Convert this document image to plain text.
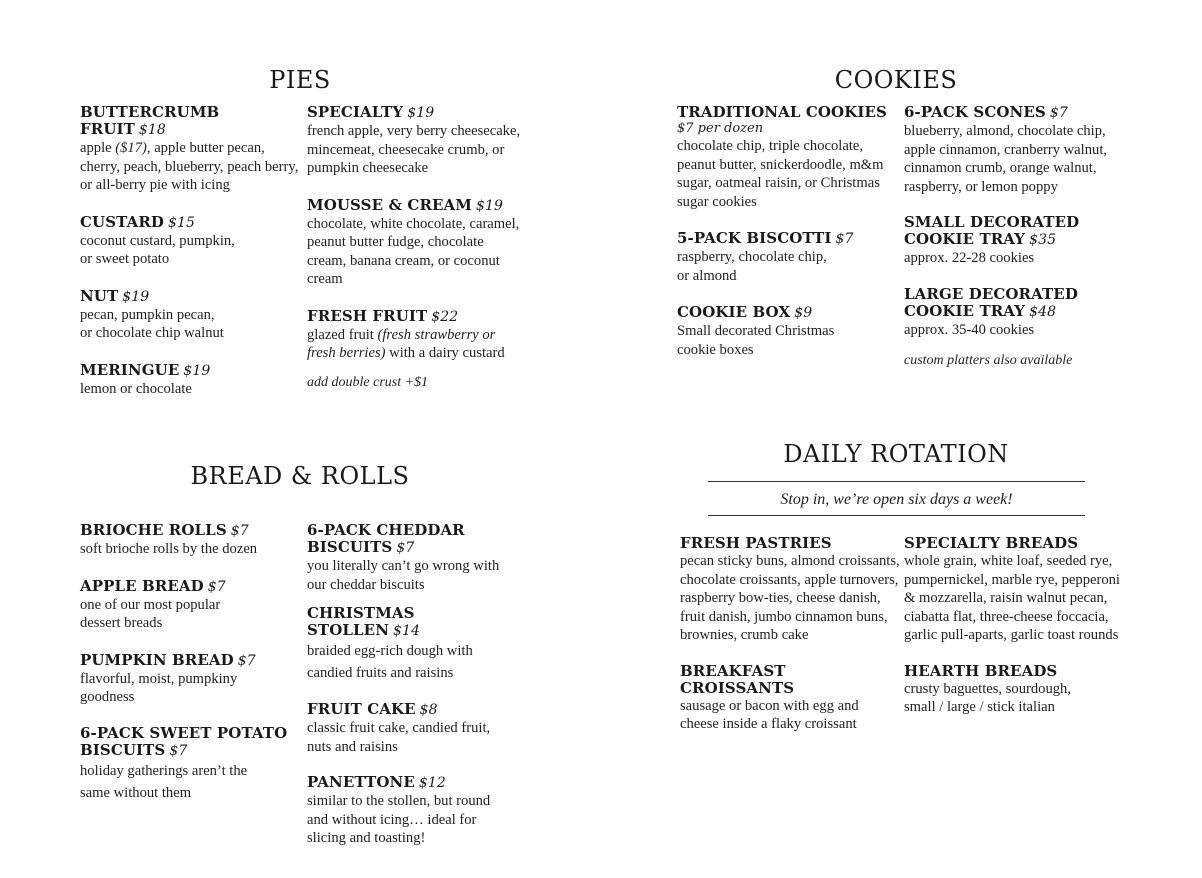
PIES
BUTTERCRUMB FRUIT $18
apple ($17), apple butter pecan, cherry, peach, blueberry, peach berry, or all-berry pie with icing
CUSTARD $15
coconut custard, pumpkin,
or sweet potato
NUT $19
pecan, pumpkin pecan,
or chocolate chip walnut
MERINGUE $19
lemon or chocolate
SPECIALTY $19
french apple, very berry cheesecake, mincemeat, cheesecake crumb, or pumpkin cheesecake
MOUSSE & CREAM $19
chocolate, white chocolate, caramel, peanut butter fudge, chocolate cream, banana cream, or coconut cream
FRESH FRUIT $22
glazed fruit (fresh strawberry or fresh berries) with a dairy custard
add double crust +$1
COOKIES
TRADITIONAL COOKIES
$7 per dozen
chocolate chip, triple chocolate, peanut butter, snickerdoodle, m&m sugar, oatmeal raisin, or Christmas sugar cookies
5-PACK BISCOTTI $7
raspberry, chocolate chip,
or almond
COOKIE BOX $9
Small decorated Christmas
cookie boxes
6-PACK SCONES $7
blueberry, almond, chocolate chip, apple cinnamon, cranberry walnut, cinnamon crumb, orange walnut, raspberry, or lemon poppy
SMALL DECORATED
COOKIE TRAY $35
approx. 22-28 cookies
LARGE DECORATED
COOKIE TRAY $48
approx. 35-40 cookies
custom platters also available
BREAD & ROLLS
BRIOCHE ROLLS $7
soft brioche rolls by the dozen
APPLE BREAD $7
one of our most popular
dessert breads
PUMPKIN BREAD $7
flavorful, moist, pumpkiny
goodness
6-PACK SWEET POTATO
BISCUITS $7
holiday gatherings aren’t the
same without them
6-PACK CHEDDAR
BISCUITS $7
you literally can’t go wrong with
our cheddar biscuits
CHRISTMAS STOLLEN $14
braided egg-rich dough with
candied fruits and raisins
FRUIT CAKE $8
classic fruit cake, candied fruit,
nuts and raisins
PANETTONE $12
similar to the stollen, but round
and without icing… ideal for
slicing and toasting!
DAILY ROTATION
Stop in, we’re open six days a week!
FRESH PASTRIES
pecan sticky buns, almond croissants, chocolate croissants, apple turnovers, raspberry bow-ties, cheese danish, fruit danish, jumbo cinnamon buns, brownies, crumb cake
BREAKFAST CROISSANTS
sausage or bacon with egg and
cheese inside a flaky croissant
SPECIALTY BREADS
whole grain, white loaf, seeded rye, pumpernickel, marble rye, pepperoni & mozzarella, raisin walnut pecan, ciabatta flat, three-cheese foccacia, garlic pull-aparts, garlic toast rounds
HEARTH BREADS
crusty baguettes, sourdough,
small / large / stick italian
